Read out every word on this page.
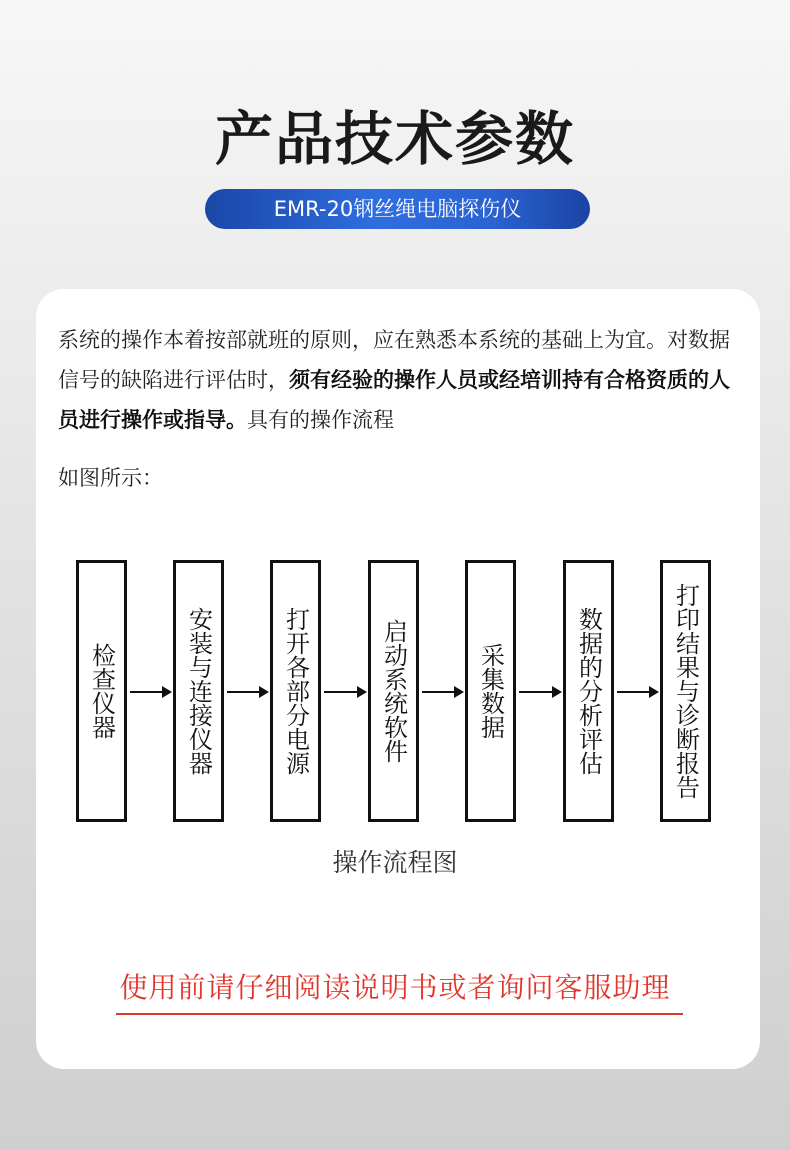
产品技术参数
EMR-20钢丝绳电脑探伤仪
系统的操作本着按部就班的原则，应在熟悉本系统的基础上为宜。对数据信号的缺陷进行评估时，须有经验的操作人员或经培训持有合格资质的人员进行操作或指导。具有的操作流程
如图所示：
检查仪器	安装与连接仪器	打开各部分电源	启动系统软件	采集数据	数据的分析评估	打印结果与诊断报告
操作流程图
使用前请仔细阅读说明书或者询问客服助理
